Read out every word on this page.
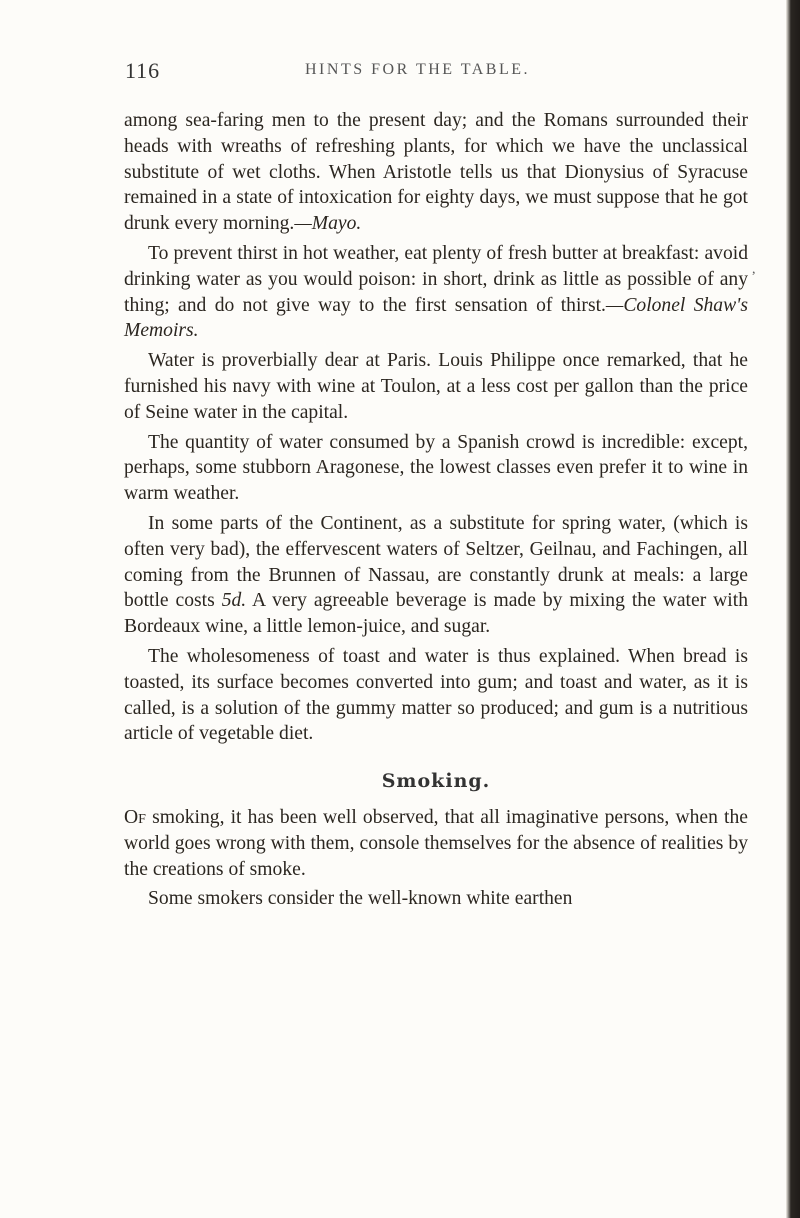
116	HINTS FOR THE TABLE.

among sea-faring men to the present day; and the Romans surrounded their heads with wreaths of refreshing plants, for which we have the unclassical substitute of wet cloths. When Aristotle tells us that Dionysius of Syracuse remained in a state of intoxication for eighty days, we must suppose that he got drunk every morning.—Mayo.

To prevent thirst in hot weather, eat plenty of fresh butter at breakfast: avoid drinking water as you would poison: in short, drink as little as possible of any thing; and do not give way to the first sensation of thirst.—Colonel Shaw's Memoirs.

Water is proverbially dear at Paris. Louis Philippe once remarked, that he furnished his navy with wine at Toulon, at a less cost per gallon than the price of Seine water in the capital.

The quantity of water consumed by a Spanish crowd is incredible: except, perhaps, some stubborn Aragonese, the lowest classes even prefer it to wine in warm weather.

In some parts of the Continent, as a substitute for spring water, (which is often very bad), the effervescent waters of Seltzer, Geilnau, and Fachingen, all coming from the Brunnen of Nassau, are constantly drunk at meals: a large bottle costs 5d. A very agreeable beverage is made by mixing the water with Bordeaux wine, a little lemon-juice, and sugar.

The wholesomeness of toast and water is thus explained. When bread is toasted, its surface becomes converted into gum; and toast and water, as it is called, is a solution of the gummy matter so produced; and gum is a nutritious article of vegetable diet.

Smoking.

Of smoking, it has been well observed, that all imaginative persons, when the world goes wrong with them, console themselves for the absence of realities by the creations of smoke.

Some smokers consider the well-known white earthen

,
